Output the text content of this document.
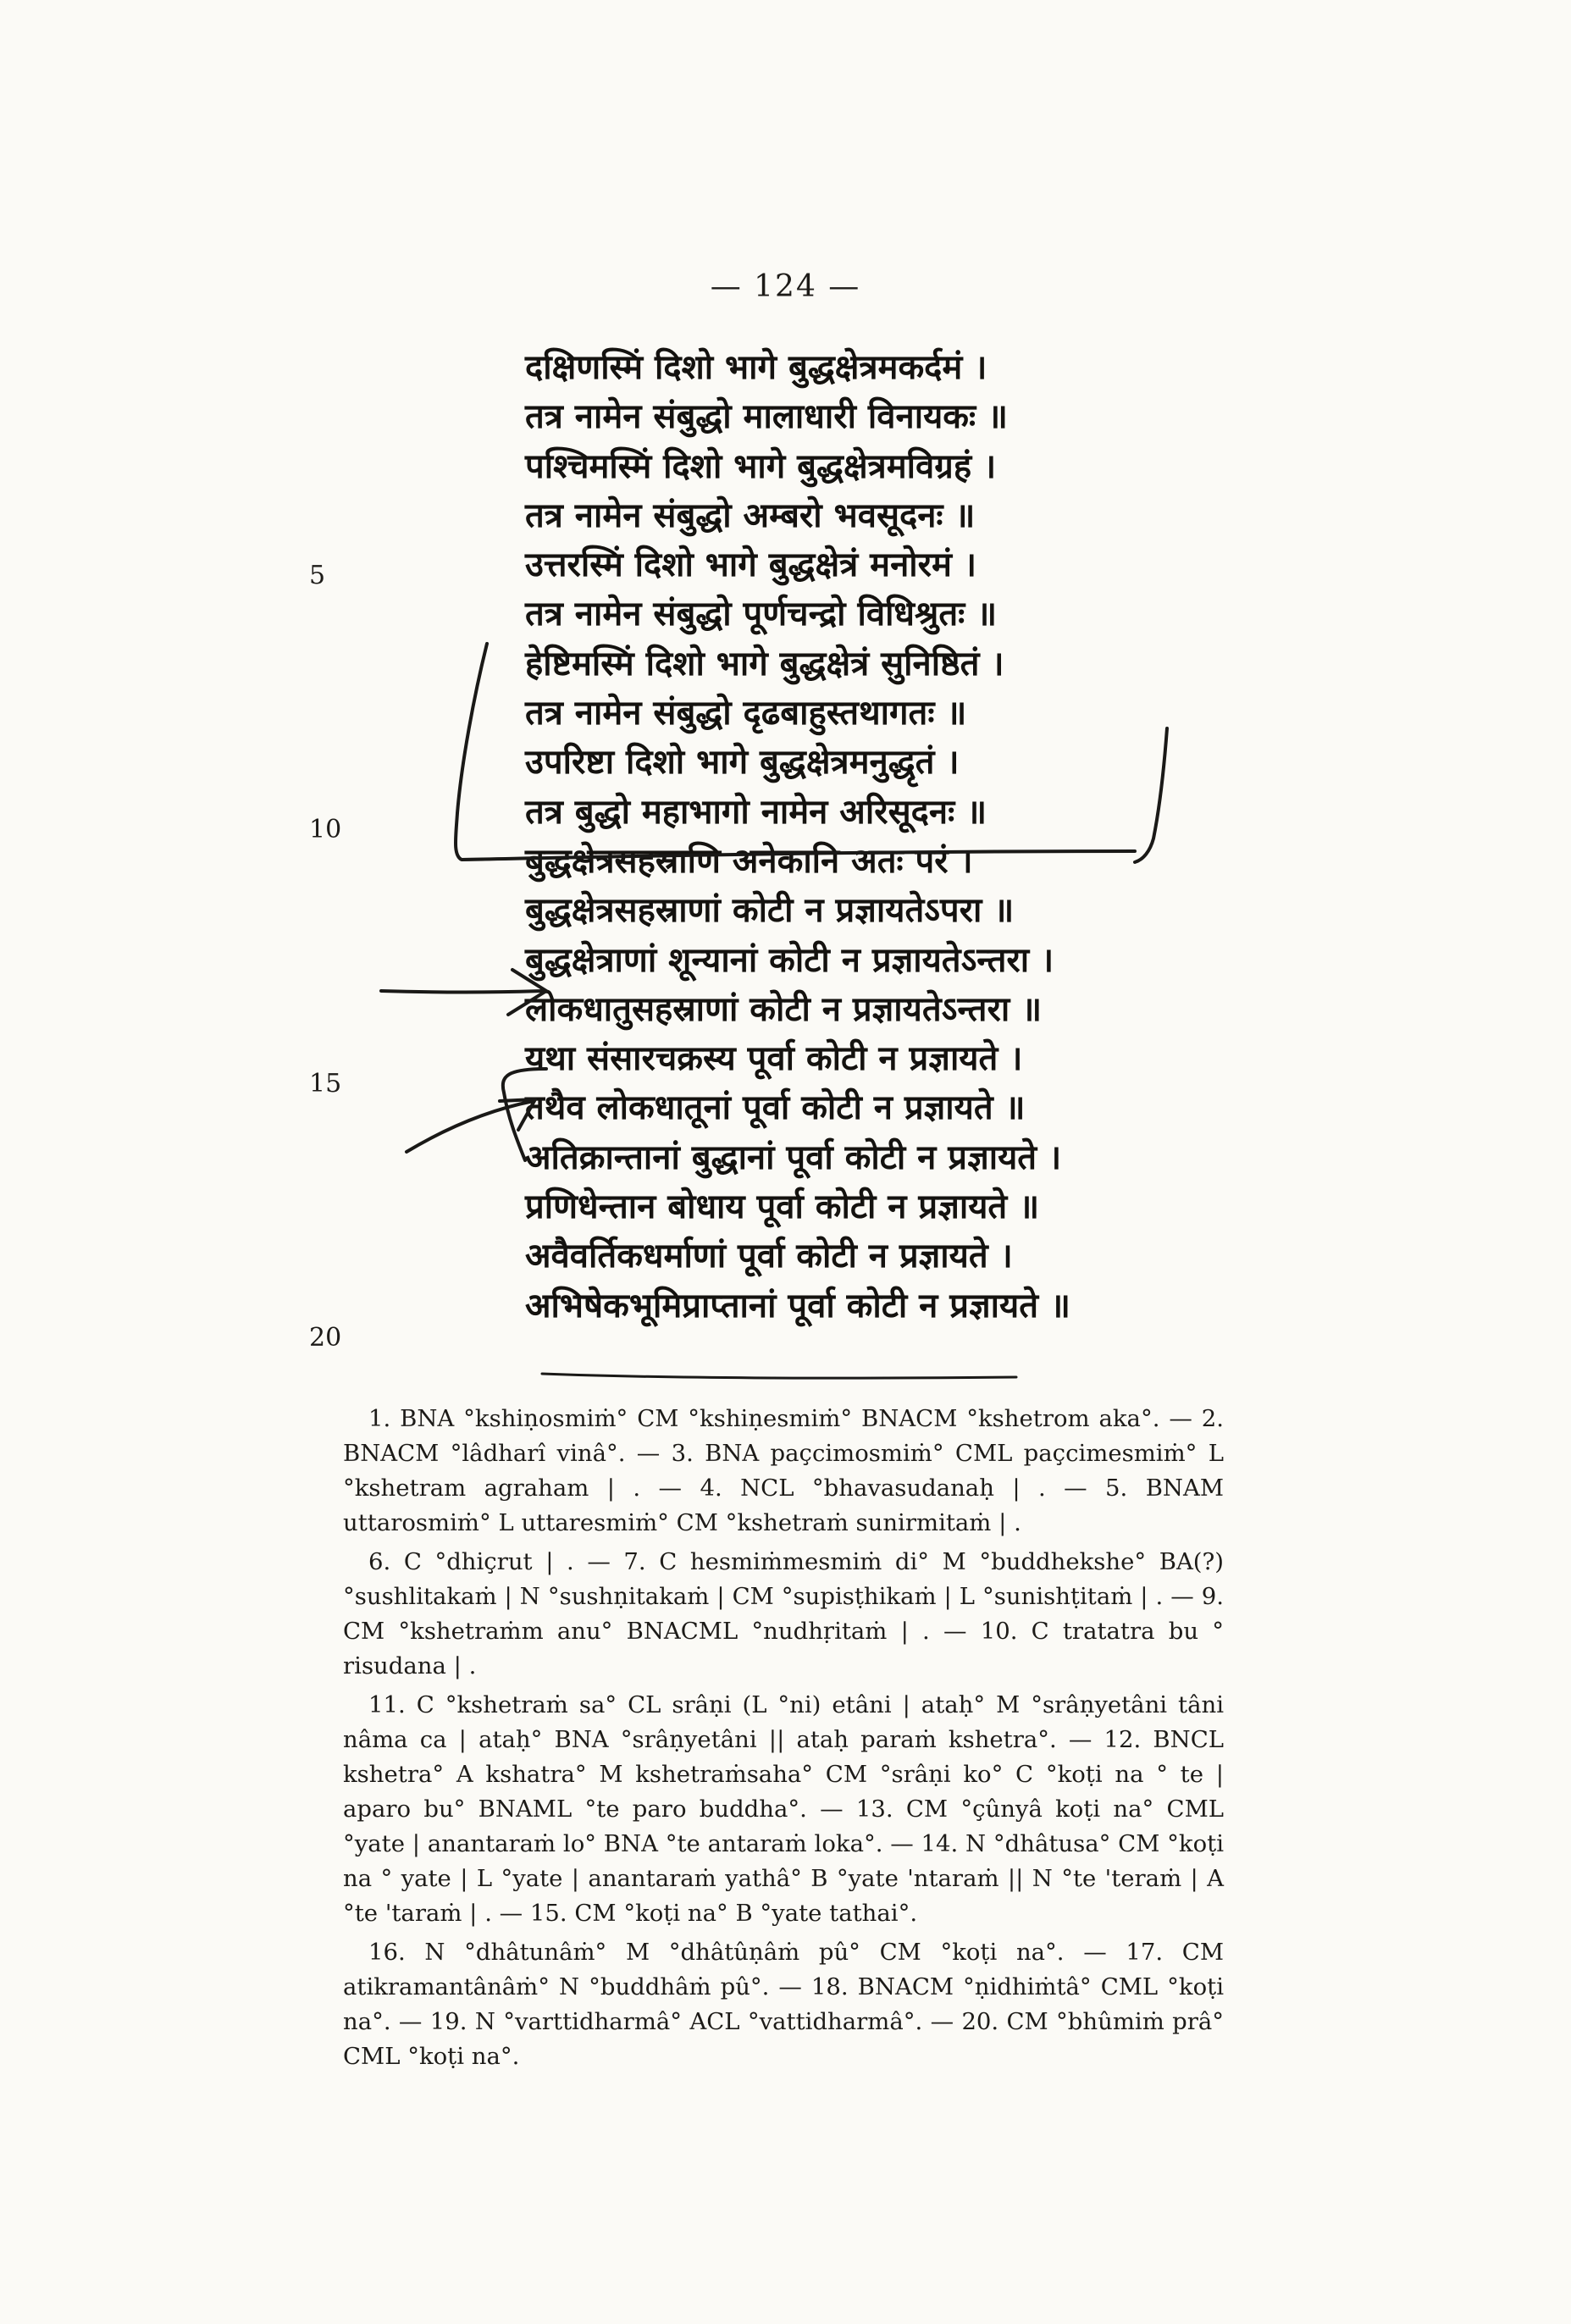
— 124 —
दक्षिणस्मिं दिशो भागे बुद्धक्षेत्रमकर्दमं ।
तत्र नामेन संबुद्धो मालाधारी विनायकः ॥
पश्चिमस्मिं दिशो भागे बुद्धक्षेत्रमविग्रहं ।
तत्र नामेन संबुद्धो अम्बरो भवसूदनः ॥
उत्तरस्मिं दिशो भागे बुद्धक्षेत्रं मनोरमं ।
तत्र नामेन संबुद्धो पूर्णचन्द्रो विधिश्रुतः ॥
हेष्टिमस्मिं दिशो भागे बुद्धक्षेत्रं सुनिष्ठितं ।
तत्र नामेन संबुद्धो दृढबाहुस्तथागतः ॥
उपरिष्टा दिशो भागे बुद्धक्षेत्रमनुद्धृतं ।
तत्र बुद्धो महाभागो नामेन अरिसूदनः ॥
बुद्धक्षेत्रसहस्राणि अनेकानि अतः परं ।
बुद्धक्षेत्रसहस्राणां कोटी न प्रज्ञायतेऽपरा ॥
बुद्धक्षेत्राणां शून्यानां कोटी न प्रज्ञायतेऽन्तरा ।
लोकधातुसहस्राणां कोटी न प्रज्ञायतेऽन्तरा ॥
यथा संसारचक्रस्य पूर्वा कोटी न प्रज्ञायते ।
तथैव लोकधातूनां पूर्वा कोटी न प्रज्ञायते ॥
अतिक्रान्तानां बुद्धानां पूर्वा कोटी न प्रज्ञायते ।
प्रणिधेन्तान बोधाय पूर्वा कोटी न प्रज्ञायते ॥
अवैवर्तिकधर्माणां पूर्वा कोटी न प्रज्ञायते ।
अभिषेकभूमिप्राप्तानां पूर्वा कोटी न प्रज्ञायते ॥
5
10
15
20

1. BNA °kshiṇosmiṁ° CM °kshiṇesmiṁ° BNACM °kshetrom aka°. — 2. BNACM °lâdharî vinâ°. — 3. BNA paçcimosmiṁ° CML paçcimesmiṁ° L °kshetram agraham | . — 4. NCL °bhavasudanaḥ | . — 5. BNAM uttarosmiṁ° L uttaresmiṁ° CM °kshetraṁ sunirmitaṁ | .

6. C °dhiçrut | . — 7. C hesmiṁmesmiṁ di° M °buddhekshe° BA(?) °sushlitakaṁ | N °sushṇitakaṁ | CM °supisṭhikaṁ | L °sunishṭitaṁ | . — 9. CM °kshetraṁm anu° BNACML °nudhṛitaṁ | . — 10. C tratatra bu ° risudana | .

11. C °kshetraṁ sa° CL srâṇi (L °ni) etâni | ataḥ° M °srâṇyetâni tâni nâma ca | ataḥ° BNA °srâṇyetâni || ataḥ paraṁ kshetra°. — 12. BNCL kshetra° A kshatra° M kshetraṁsaha° CM °srâṇi ko° C °koṭi na ° te | aparo bu° BNAML °te paro buddha°. — 13. CM °çûnyâ koṭi na° CML °yate | anantaraṁ lo° BNA °te antaraṁ loka°. — 14. N °dhâtusa° CM °koṭi na ° yate | L °yate | anantaraṁ yathâ° B °yate 'ntaraṁ || N °te 'teraṁ | A °te 'taraṁ | . — 15. CM °koṭi na° B °yate tathai°.

16. N °dhâtunâṁ° M °dhâtûṇâṁ pû° CM °koṭi na°. — 17. CM atikramantânâṁ° N °buddhâṁ pû°. — 18. BNACM °ṇidhiṁtâ° CML °koṭi na°. — 19. N °varttidharmâ° ACL °vattidharmâ°. — 20. CM °bhûmiṁ prâ° CML °koṭi na°.
